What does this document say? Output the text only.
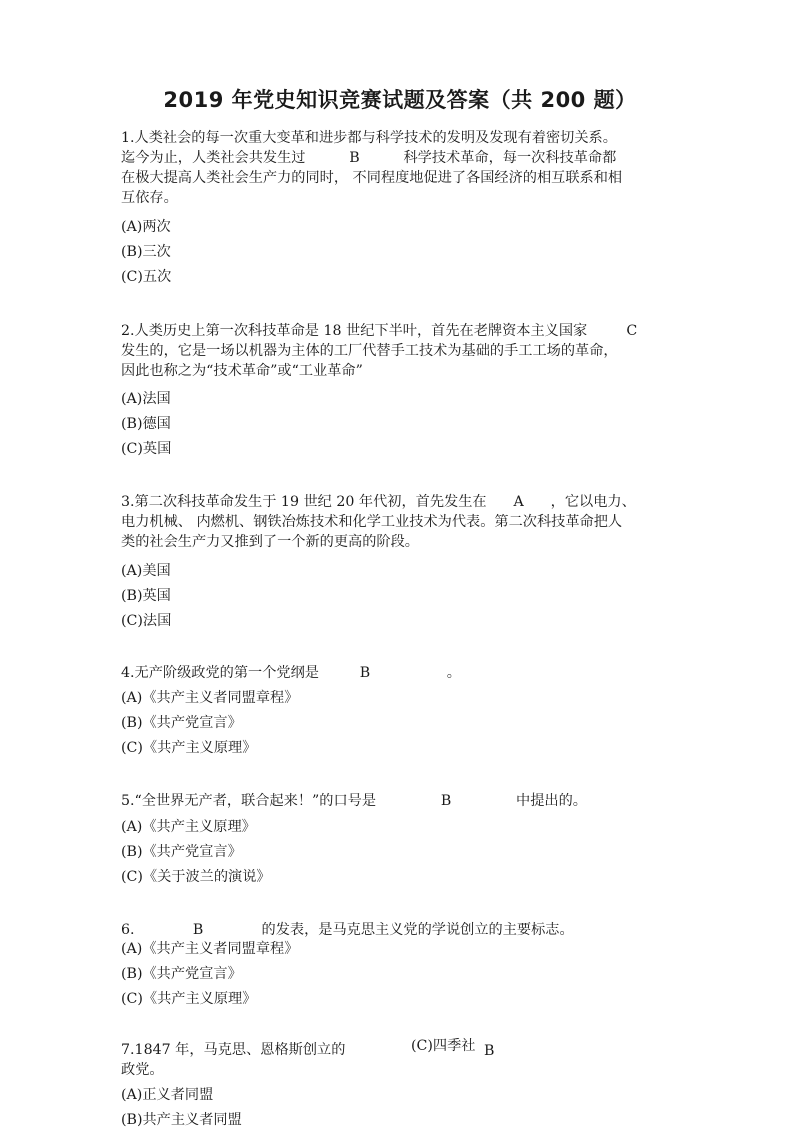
2019 年党史知识竞赛试题及答案（共 200 题）

1.人类社会的每一次重大变革和进步都与科学技术的发明及发现有着密切关系。

迄今为止，人类社会共发生过	B	科学技术革命，每一次科技革命都

在极大提高人类社会生产力的同时， 不同程度地促进了各国经济的相互联系和相

互依存。

(A)两次
(B)三次
(C)五次

2.人类历史上第一次科技革命是 18 世纪下半叶，首先在老牌资本主义国家	C

发生的，它是一场以机器为主体的工厂代替手工技术为基础的手工工场的革命，

因此也称之为“技术革命”或“工业革命”

(A)法国
(B)德国
(C)英国

3.第二次科技革命发生于 19 世纪 20 年代初，首先发生在 A ，它以电力、

电力机械、 内燃机、钢铁冶炼技术和化学工业技术为代表。第二次科技革命把人

类的社会生产力又推到了一个新的更高的阶段。

(A)美国
(B)英国
(C)法国

4.无产阶级政党的第一个党纲是	B	。

(A)《共产主义者同盟章程》
(B)《共产党宣言》
(C)《共产主义原理》

5.“全世界无产者，联合起来！”的口号是	B	中提出的。

(A)《共产主义原理》
(B)《共产党宣言》
(C)《关于波兰的演说》

6.	B	的发表，是马克思主义党的学说创立的主要标志。

(A)《共产主义者同盟章程》
(B)《共产党宣言》
(C)《共产主义原理》

7.1847 年，马克思、恩格斯创立的

政党。

(C)四季社 B
(A)正义者同盟
(B)共产主义者同盟
